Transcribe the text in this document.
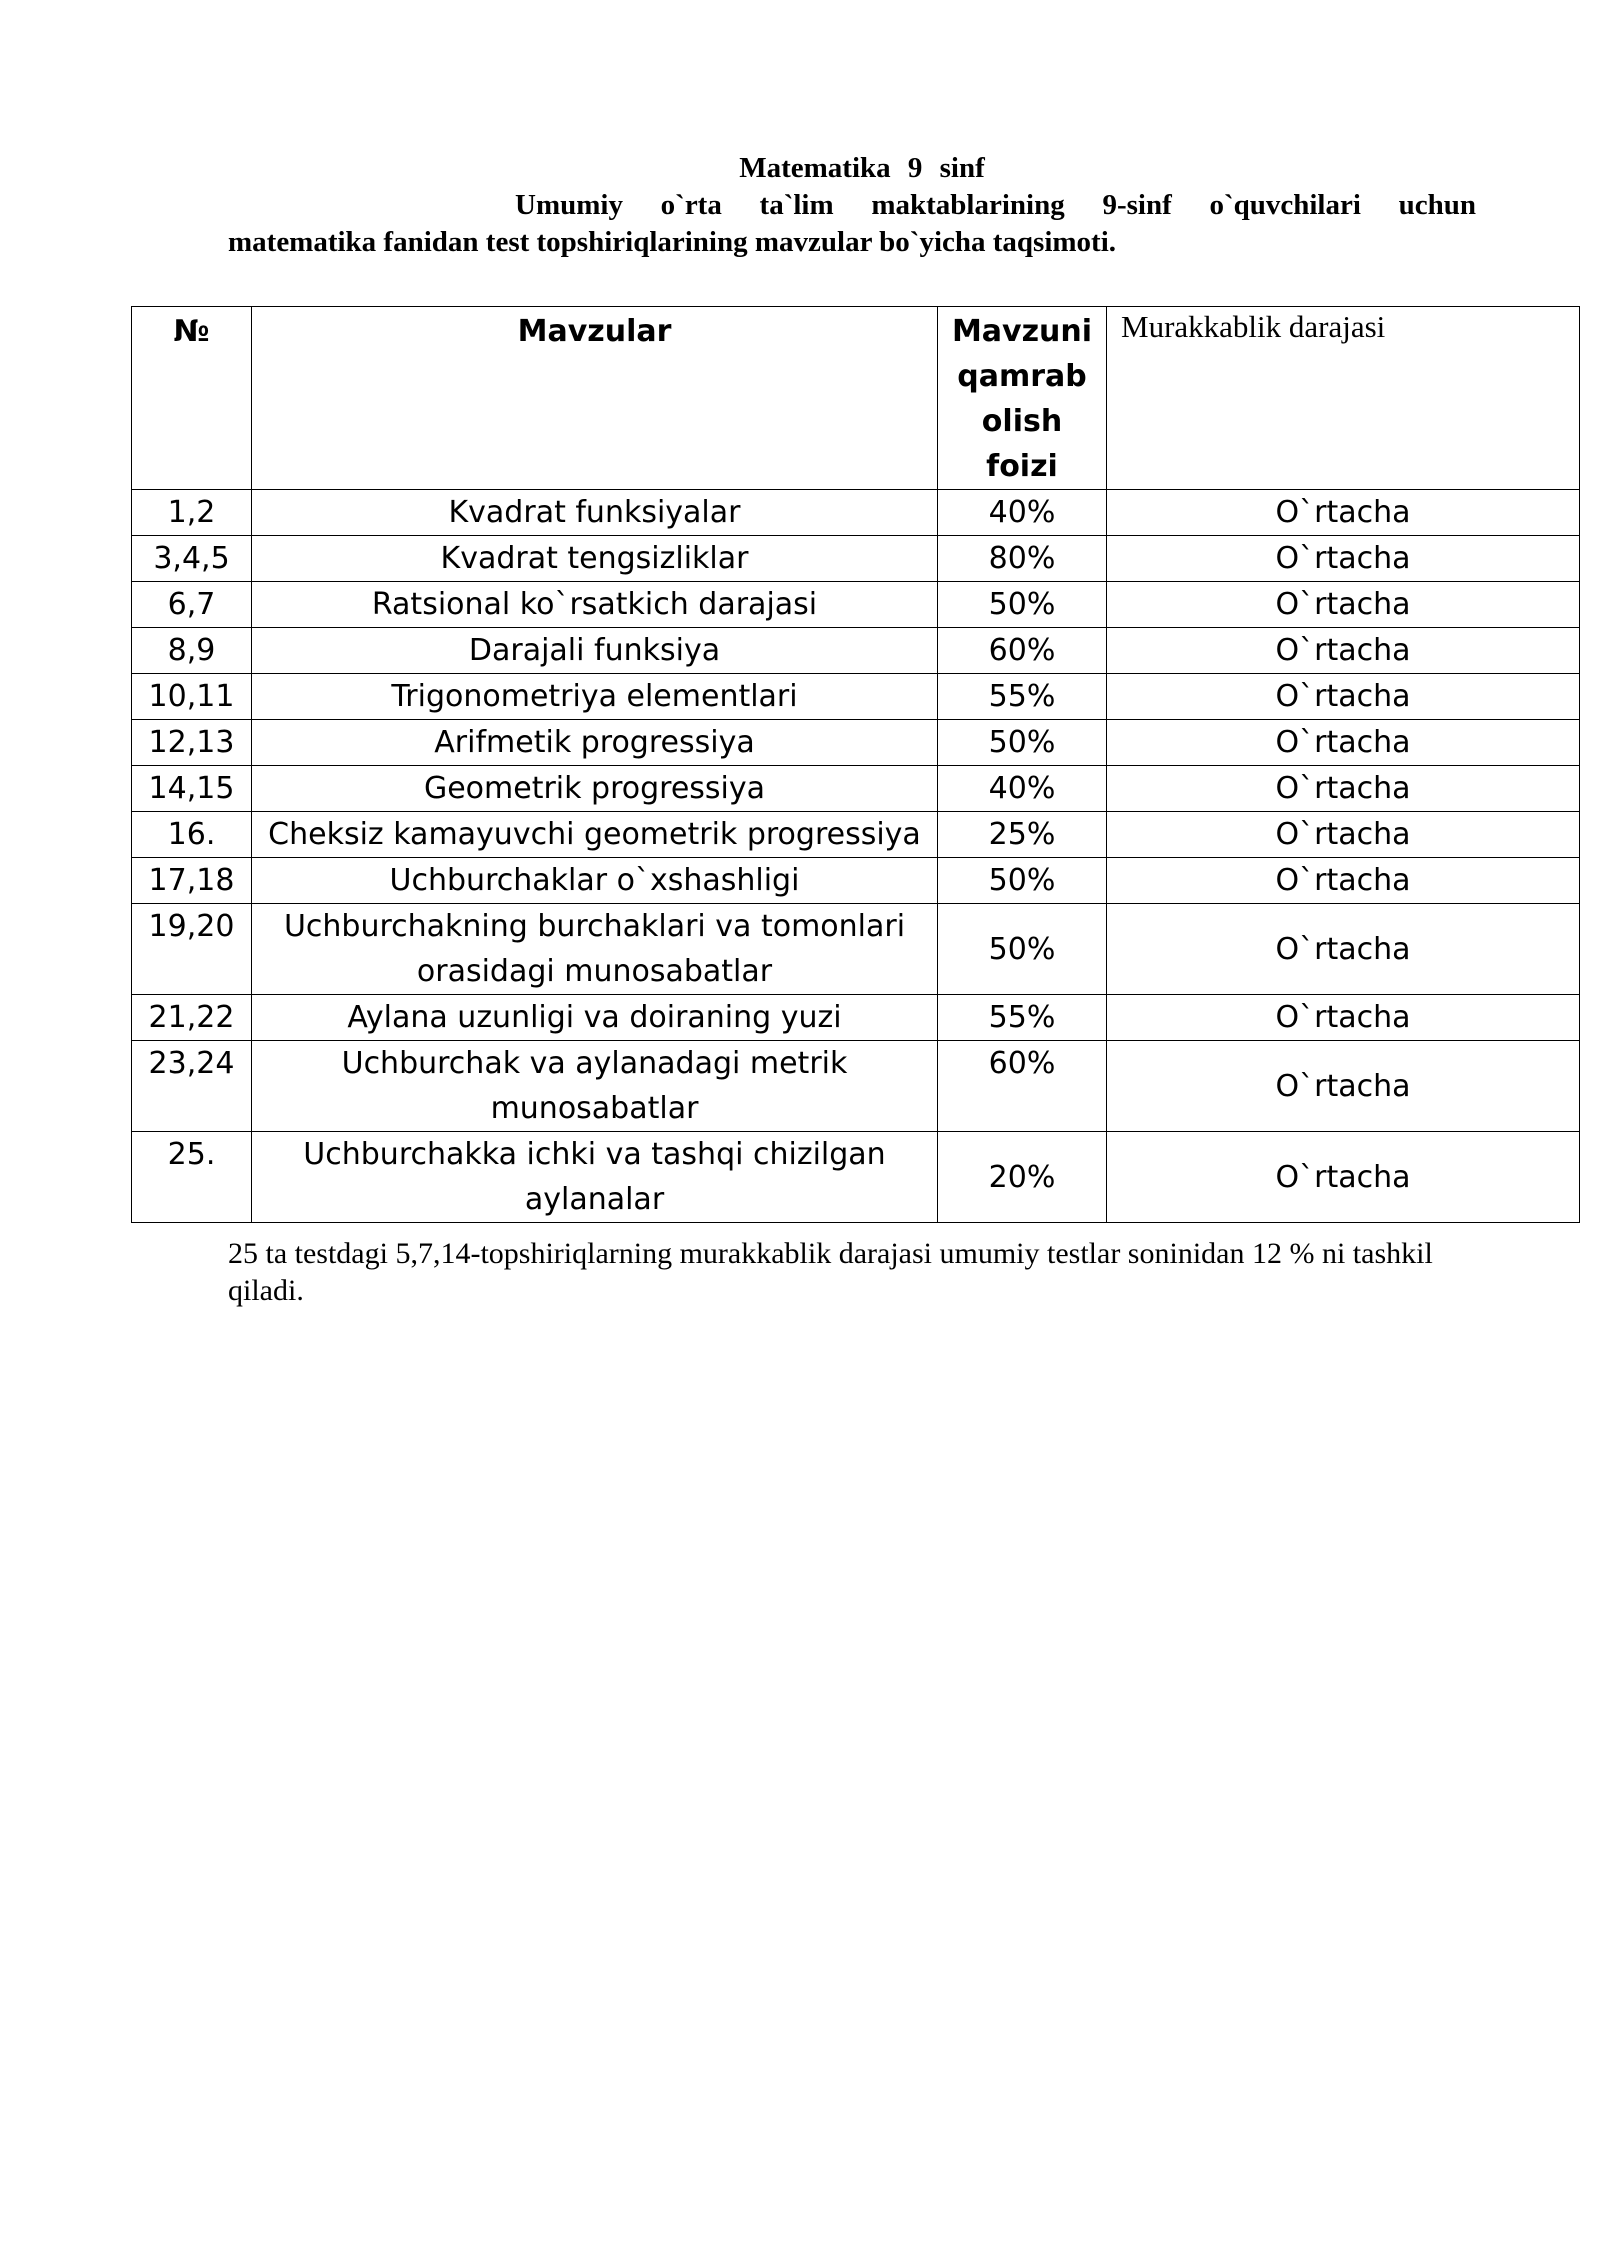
Matematika 9 sinf
Umumiy o`rta ta`lim maktablarining 9-sinf o`quvchilari uchun
matematika fanidan test topshiriqlarining mavzular bo`yicha taqsimoti.
№	Mavzular	Mavzuni qamrab olish foizi	Murakkablik darajasi
1,2	Kvadrat funksiyalar	40%	O`rtacha
3,4,5	Kvadrat tengsizliklar	80%	O`rtacha
6,7	Ratsional ko`rsatkich darajasi	50%	O`rtacha
8,9	Darajali funksiya	60%	O`rtacha
10,11	Trigonometriya elementlari	55%	O`rtacha
12,13	Arifmetik progressiya	50%	O`rtacha
14,15	Geometrik progressiya	40%	O`rtacha
16.	Cheksiz kamayuvchi geometrik progressiya	25%	O`rtacha
17,18	Uchburchaklar o`xshashligi	50%	O`rtacha
19,20	Uchburchakning burchaklari va tomonlari orasidagi munosabatlar	50%	O`rtacha
21,22	Aylana uzunligi va doiraning yuzi	55%	O`rtacha
23,24	Uchburchak va aylanadagi metrik munosabatlar	60%	O`rtacha
25.	Uchburchakka ichki va tashqi chizilgan aylanalar	20%	O`rtacha
25 ta testdagi 5,7,14-topshiriqlarning murakkablik darajasi umumiy testlar soninidan 12 % ni tashkil qiladi.
